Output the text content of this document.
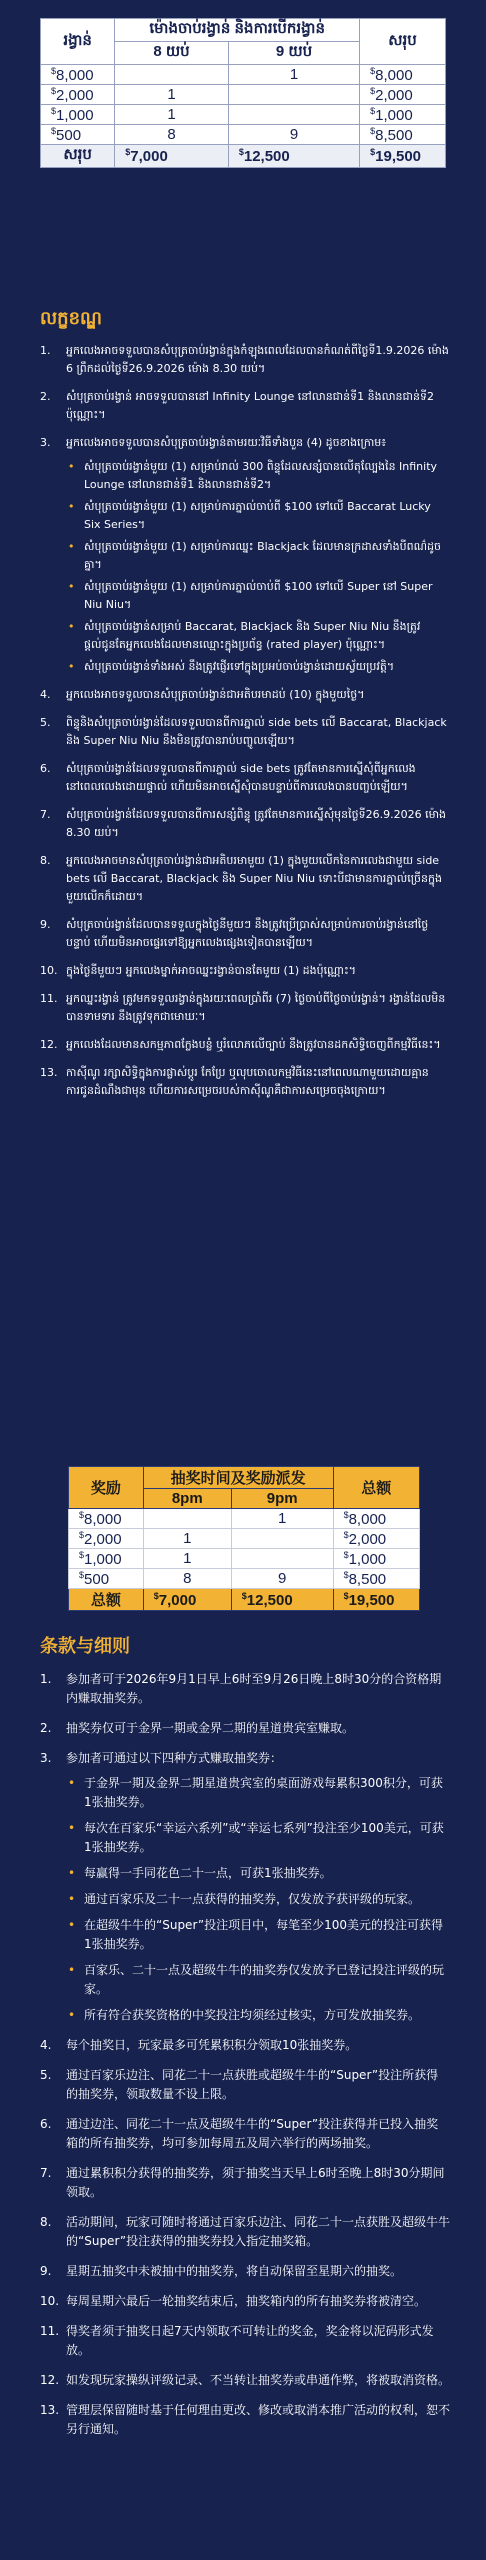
រង្វាន់	ម៉ោងចាប់រង្វាន់ និងការបើករង្វាន់		សរុប
	8 យប់	9 យប់	
$8,000		1	$8,000
$2,000	1		$2,000
$1,000	1		$1,000
$500	8	9	$8,500
សរុប	$7,000	$12,500	$19,500
លក្ខខណ្ឌ
1. អ្នកលេងអាចទទួលបានសំបុត្រចាប់រង្វាន់ក្នុងកំឡុងពេលដែលបានកំណត់ពីថ្ងៃទី1.9.2026 ម៉ោង 6 ព្រឹកដល់ថ្ងៃទី26.9.2026 ម៉ោង 8.30 យប់។
2. សំបុត្រចាប់រង្វាន់ អាចទទួលបាននៅ Infinity Lounge នៅលានជាន់ទី1 និងលានជាន់ទី2 ប៉ុណ្ណោះ។
3. អ្នកលេងអាចទទួលបានសំបុត្រចាប់រង្វាន់តាមរយៈវិធីទាំងបួន (4) ដូចខាងក្រោម៖
• សំបុត្រចាប់រង្វាន់មួយ (1) សម្រាប់រាល់ 300 ពិន្ទុដែលសន្សំបានលើតុល្បែងនៃ Infinity Lounge នៅលានជាន់ទី1 និងលានជាន់ទី2។
• សំបុត្រចាប់រង្វាន់មួយ (1) សម្រាប់ការភ្នាល់ចាប់ពី $100 ទៅលើ Baccarat Lucky Six Series។
• សំបុត្រចាប់រង្វាន់មួយ (1) សម្រាប់ការឈ្នះ Blackjack ដែលមានក្រដាសទាំងបីពណ៌ដូចគ្នា។
• សំបុត្រចាប់រង្វាន់មួយ (1) សម្រាប់ការភ្នាល់ចាប់ពី $100 ទៅលើ Super នៅ Super Niu Niu។
• សំបុត្រចាប់រង្វាន់សម្រាប់ Baccarat, Blackjack និង Super Niu Niu នឹងត្រូវផ្ដល់ជូនតែអ្នកលេងដែលមានឈ្មោះក្នុងប្រព័ន្ធ (rated player) ប៉ុណ្ណោះ។
• សំបុត្រចាប់រង្វាន់ទាំងអស់ នឹងត្រូវផ្ញើរទៅក្នុងប្រអប់ចាប់រង្វាន់ដោយស្វ័យប្រវត្តិ។
4. អ្នកលេងអាចទទួលបានសំបុត្រចាប់រង្វាន់ជាអតិបរមាដប់ (10) ក្នុងមួយថ្ងៃ។
5. ពិន្ទុនិងសំបុត្រចាប់រង្វាន់ដែលទទួលបានពីការភ្នាល់ side bets លើ Baccarat, Blackjack និង Super Niu Niu នឹងមិនត្រូវបានរាប់បញ្ចូលឡើយ។
6. សំបុត្រចាប់រង្វាន់ដែលទទួលបានពីការភ្នាល់ side bets ត្រូវតែមានការស្នើសុំពីអ្នកលេងនៅពេលលេងដោយផ្ទាល់ ហើយមិនអាចស្នើសុំបានបន្ទាប់ពីការលេងបានបញ្ចប់ឡើយ។
7. សំបុត្រចាប់រង្វាន់ដែលទទួលបានពីការសន្សំពិន្ទុ ត្រូវតែមានការស្នើសុំមុនថ្ងៃទី26.9.2026 ម៉ោង 8.30 យប់។
8. អ្នកលេងអាចមានសំបុត្រចាប់រង្វាន់ជាអតិបរមាមួយ (1) ក្នុងមួយលើកនៃការលេងជាមួយ side bets លើ Baccarat, Blackjack និង Super Niu Niu ទោះបីជាមានការភ្នាល់ច្រើនក្នុងមួយលើកក៏ដោយ។
9. សំបុត្រចាប់រង្វាន់ដែលបានទទួលក្នុងថ្ងៃនីមួយៗ នឹងត្រូវប្រើប្រាស់សម្រាប់ការចាប់រង្វាន់នៅថ្ងៃបន្ទាប់ ហើយមិនអាចផ្ទេរទៅឱ្យអ្នកលេងផ្សេងទៀតបានឡើយ។
10. ក្នុងថ្ងៃនីមួយៗ អ្នកលេងម្នាក់អាចឈ្នះរង្វាន់បានតែមួយ (1) ដងប៉ុណ្ណោះ។
11. អ្នកឈ្នះរង្វាន់ ត្រូវមកទទួលរង្វាន់ក្នុងរយៈពេលប្រាំពីរ (7) ថ្ងៃចាប់ពីថ្ងៃចាប់រង្វាន់។ រង្វាន់ដែលមិនបានទាមទារ នឹងត្រូវទុកជាមោឃៈ។
12. អ្នកលេងដែលមានសកម្មភាពក្លែងបន្លំ ឬរំលោភលើច្បាប់ នឹងត្រូវបានដកសិទ្ធិចេញពីកម្មវិធីនេះ។
13. កាស៊ីណូ រក្សាសិទ្ធិក្នុងការផ្លាស់ប្ដូរ កែប្រែ ឬលុបចោលកម្មវិធីនេះនៅពេលណាមួយដោយគ្មានការជូនដំណឹងជាមុន ហើយការសម្រេចរបស់កាស៊ីណូគឺជាការសម្រេចចុងក្រោយ។
奖励	抽奖时间及奖励派发		总额
	8pm	9pm	
$8,000		1	$8,000
$2,000	1		$2,000
$1,000	1		$1,000
$500	8	9	$8,500
总额	$7,000	$12,500	$19,500
条款与细则
1. 参加者可于2026年9月1日早上6时至9月26日晚上8时30分的合资格期内赚取抽奖券。
2. 抽奖券仅可于金界一期或金界二期的星道贵宾室赚取。
3. 参加者可通过以下四种方式赚取抽奖券：
• 于金界一期及金界二期星道贵宾室的桌面游戏每累积300积分，可获1张抽奖券。
• 每次在百家乐“幸运六系列”或“幸运七系列”投注至少100美元，可获1张抽奖券。
• 每赢得一手同花色二十一点，可获1张抽奖券。
• 通过百家乐及二十一点获得的抽奖券，仅发放予获评级的玩家。
• 在超级牛牛的“Super”投注项目中，每笔至少100美元的投注可获得1张抽奖券。
• 百家乐、二十一点及超级牛牛的抽奖券仅发放予已登记投注评级的玩家。
• 所有符合获奖资格的中奖投注均须经过核实，方可发放抽奖券。
4. 每个抽奖日，玩家最多可凭累积积分领取10张抽奖券。
5. 通过百家乐边注、同花二十一点获胜或超级牛牛的“Super”投注所获得的抽奖券，领取数量不设上限。
6. 通过边注、同花二十一点及超级牛牛的“Super”投注获得并已投入抽奖箱的所有抽奖券，均可参加每周五及周六举行的两场抽奖。
7. 通过累积积分获得的抽奖券，须于抽奖当天早上6时至晚上8时30分期间领取。
8. 活动期间，玩家可随时将通过百家乐边注、同花二十一点获胜及超级牛牛的“Super”投注获得的抽奖券投入指定抽奖箱。
9. 星期五抽奖中未被抽中的抽奖券，将自动保留至星期六的抽奖。
10. 每周星期六最后一轮抽奖结束后，抽奖箱内的所有抽奖券将被清空。
11. 得奖者须于抽奖日起7天内领取不可转让的奖金，奖金将以泥码形式发放。
12. 如发现玩家操纵评级记录、不当转让抽奖券或串通作弊，将被取消资格。
13. 管理层保留随时基于任何理由更改、修改或取消本推广活动的权利，恕不另行通知。
